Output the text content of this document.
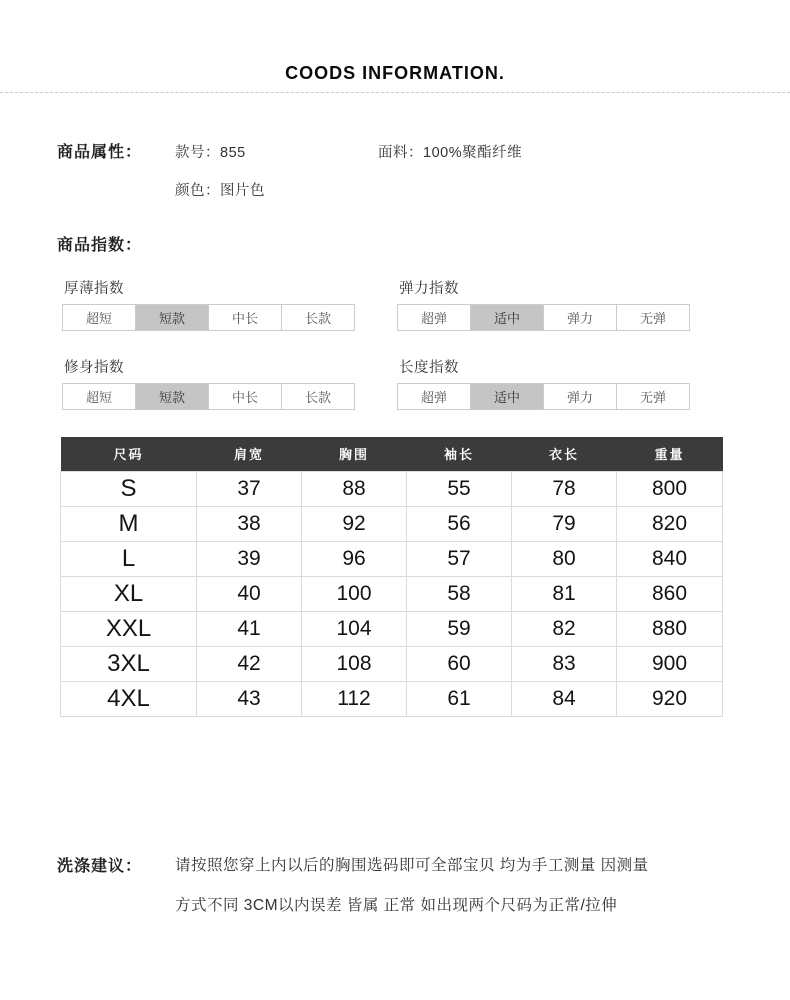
COODS INFORMATION.
商品属性： 款号：855	面料：100%聚酯纤维
颜色：图片色
商品指数：
厚薄指数
超短	短款	中长	长款
弹力指数
超弹	适中	弹力	无弹
修身指数
超短	短款	中长	长款
长度指数
超弹	适中	弹力	无弹
尺码	肩宽	胸围	袖长	衣长	重量
S	37	88	55	78	800
M	38	92	56	79	820
L	39	96	57	80	840
XL	40	100	58	81	860
XXL	41	104	59	82	880
3XL	42	108	60	83	900
4XL	43	112	61	84	920
洗涤建议： 请按照您穿上内以后的胸围选码即可全部宝贝 均为手工测量 因测量
方式不同 3CM以内误差 皆属 正常 如出现两个尺码为正常/拉伸
